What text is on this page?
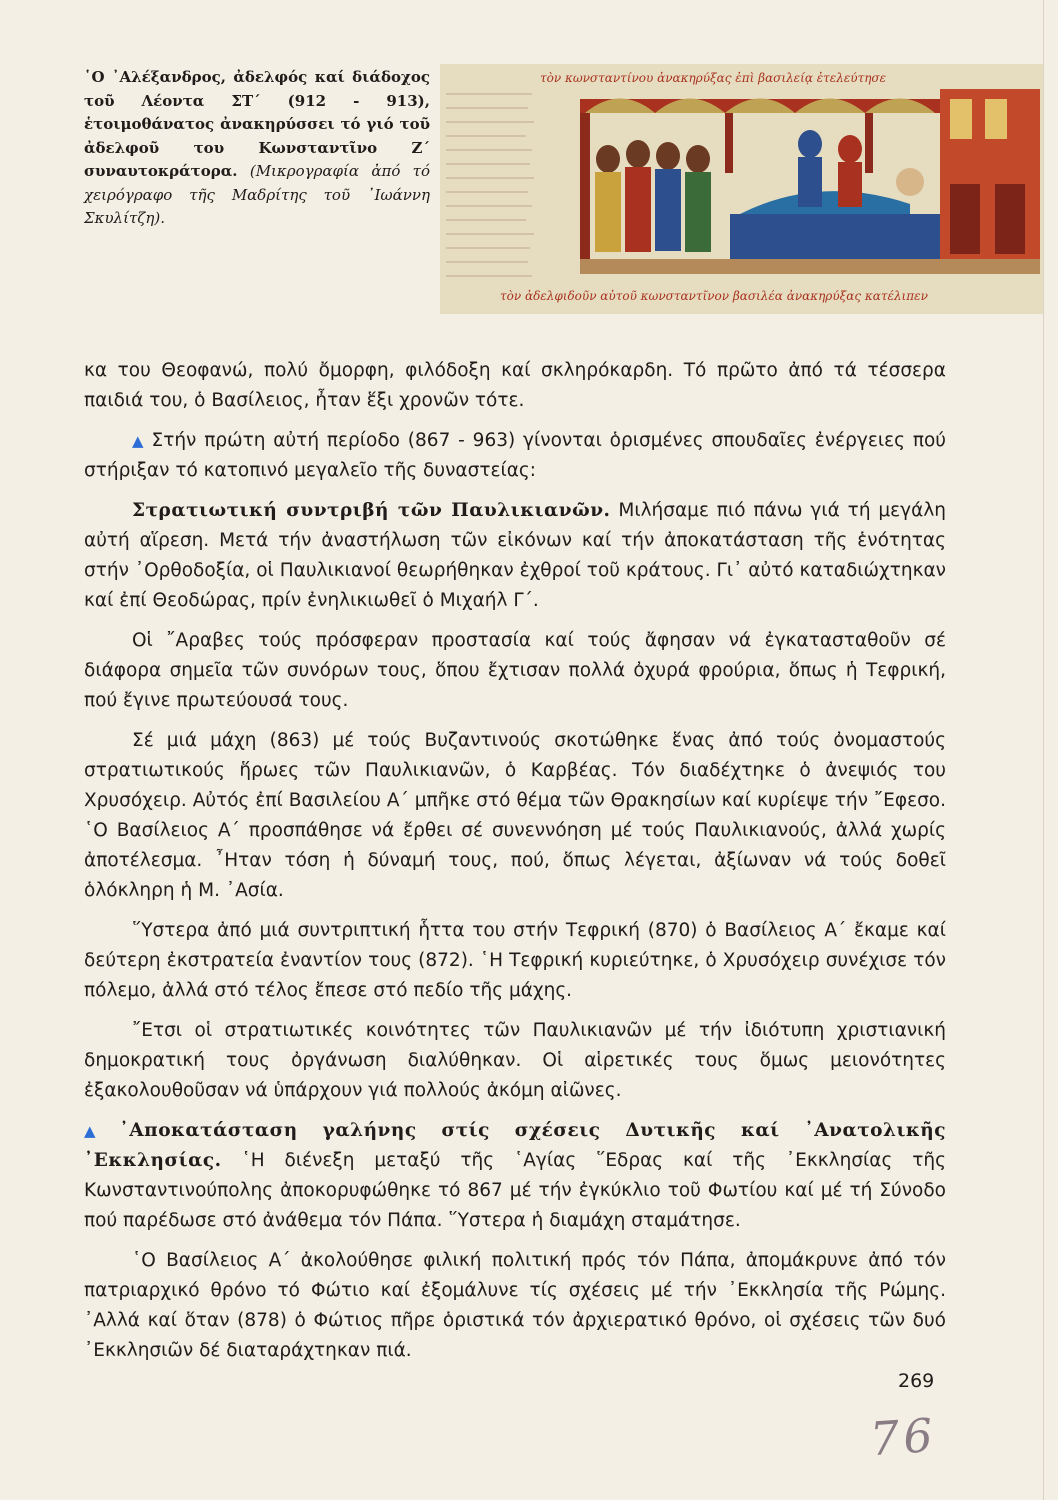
῾Ο ᾿Αλέξανδρος, ἀδελφός καί διάδοχος τοῦ Λέοντα ΣΤ΄ (912 - 913), ἑτοιμοθάνατος ἀνακηρύσσει τό γιό τοῦ ἀδελφοῦ του Κωνσταντῖνο Ζ΄ συναυτοκράτορα. (Μικρογραφία ἀπό τό χειρόγραφο τῆς Μαδρίτης τοῦ ᾿Ιωάννη Σκυλίτζη).

τὸν κωνσταντίνου ἀνακηρύξας ἐπὶ βασιλείᾳ ἐτελεύτησε
τὸν ἀδελφιδοῦν αὐτοῦ κωνσταντῖνον βασιλέα ἀνακηρύξας κατέλιπεν

κα του Θεοφανώ, πολύ ὄμορφη, φιλόδοξη καί σκληρόκαρδη. Τό πρῶτο ἀπό τά τέσσερα παιδιά του, ὁ Βασίλειος, ἦταν ἕξι χρονῶν τότε.

▲ Στήν πρώτη αὐτή περίοδο (867 - 963) γίνονται ὁρισμένες σπουδαῖες ἐνέργειες πού στήριξαν τό κατοπινό μεγαλεῖο τῆς δυναστείας:

Στρατιωτική συντριβή τῶν Παυλικιανῶν. Μιλήσαμε πιό πάνω γιά τή μεγάλη αὐτή αἵρεση. Μετά τήν ἀναστήλωση τῶν εἰκόνων καί τήν ἀποκατάσταση τῆς ἑνότητας στήν ᾿Ορθοδοξία, οἱ Παυλικιανοί θεωρήθηκαν ἐχθροί τοῦ κράτους. Γι᾿ αὐτό καταδιώχτηκαν καί ἐπί Θεοδώρας, πρίν ἐνηλικιωθεῖ ὁ Μιχαήλ Γ΄.

Οἱ ῎Αραβες τούς πρόσφεραν προστασία καί τούς ἄφησαν νά ἐγκατασταθοῦν σέ διάφορα σημεῖα τῶν συνόρων τους, ὅπου ἔχτισαν πολλά ὀχυρά φρούρια, ὅπως ἡ Τεφρική, πού ἔγινε πρωτεύουσά τους.

Σέ μιά μάχη (863) μέ τούς Βυζαντινούς σκοτώθηκε ἕνας ἀπό τούς ὀνομαστούς στρατιωτικούς ἥρωες τῶν Παυλικιανῶν, ὁ Καρβέας. Τόν διαδέχτηκε ὁ ἀνεψιός του Χρυσόχειρ. Αὐτός ἐπί Βασιλείου Α΄ μπῆκε στό θέμα τῶν Θρακησίων καί κυρίεψε τήν ῎Εφεσο. ῾Ο Βασίλειος Α΄ προσπάθησε νά ἔρθει σέ συνεννόηση μέ τούς Παυλικιανούς, ἀλλά χωρίς ἀποτέλεσμα. ῏Ηταν τόση ἡ δύναμή τους, πού, ὅπως λέγεται, ἀξίωναν νά τούς δοθεῖ ὁλόκληρη ἡ Μ. ᾿Ασία.

῞Υστερα ἀπό μιά συντριπτική ἧττα του στήν Τεφρική (870) ὁ Βασίλειος Α΄ ἔκαμε καί δεύτερη ἐκστρατεία ἐναντίον τους (872). ῾Η Τεφρική κυριεύτηκε, ὁ Χρυσόχειρ συνέχισε τόν πόλεμο, ἀλλά στό τέλος ἔπεσε στό πεδίο τῆς μάχης.

῎Ετσι οἱ στρατιωτικές κοινότητες τῶν Παυλικιανῶν μέ τήν ἰδιότυπη χριστιανική δημοκρατική τους ὀργάνωση διαλύθηκαν. Οἱ αἱρετικές τους ὅμως μειονότητες ἐξακολουθοῦσαν νά ὑπάρχουν γιά πολλούς ἀκόμη αἰῶνες.

▲ ᾿Αποκατάσταση γαλήνης στίς σχέσεις Δυτικῆς καί ᾿Ανατολικῆς ᾿Εκκλησίας. ῾Η διένεξη μεταξύ τῆς ῾Αγίας ῞Εδρας καί τῆς ᾿Εκκλησίας τῆς Κωνσταντινούπολης ἀποκορυφώθηκε τό 867 μέ τήν ἐγκύκλιο τοῦ Φωτίου καί μέ τή Σύνοδο πού παρέδωσε στό ἀνάθεμα τόν Πάπα. ῞Υστερα ἡ διαμάχη σταμάτησε.

῾Ο Βασίλειος Α΄ ἀκολούθησε φιλική πολιτική πρός τόν Πάπα, ἀπομάκρυνε ἀπό τόν πατριαρχικό θρόνο τό Φώτιο καί ἐξομάλυνε τίς σχέσεις μέ τήν ᾿Εκκλησία τῆς Ρώμης. ᾿Αλλά καί ὅταν (878) ὁ Φώτιος πῆρε ὁριστικά τόν ἀρχιερατικό θρόνο, οἱ σχέσεις τῶν δυό ᾿Εκκλησιῶν δέ διαταράχτηκαν πιά.

269

76
